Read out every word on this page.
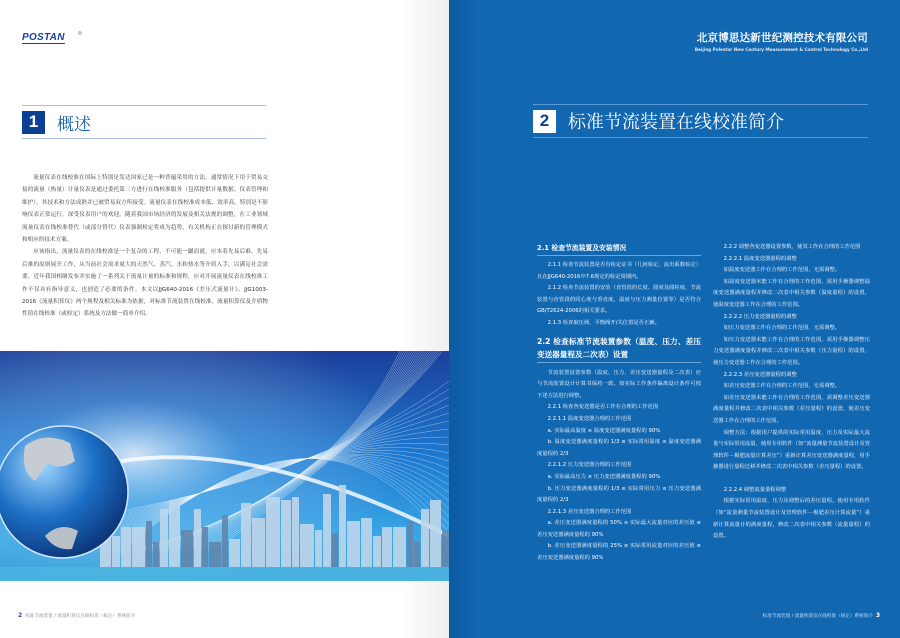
POSTAN	®
1	概述

流量仪表在线校准在国际上特别是发达国家已是一种普遍采用的方法。通常情况下用于贸易交接的流量（热量）计量仪表是通过委托第三方进行在线校准服务（包括提供计量数据、仪表管理和维护），其技术和方法成熟并已被贸易双方所接受。流量仪表在线校准成本低、效率高，特别是不影响仪表正常运行，深受仪表用户的欢迎。随着我国市场经济的发展及相关法规的调整，在工业领域流量仪表在线校准替代（或部分替代）仪表强制检定将成为趋势，有关机构正在探讨新的管理模式和相应的技术方案。

应该指出，流量仪表的在线校准是一个复杂的工程，不可能一蹴而就，应本着先易后难、先易后难的原则展开工作，从当前社会需求量大的天然气、蒸汽、水和热水等介质入手，以满足社会需要。近年我国相继发布并实施了一系列关于流量计量的标准和规程，应对开展流量仪表在线校准工作不仅具有指导意义，也创造了必要的条件。本文以JJG640-2016《差压式流量计》、JJG1003-2016《流量积算仪》两个规程及相关标准为依据，对标准节流装置在线校准、流量积算仪及介质物性值在线校准（或检定）系统及方法做一简单介绍。

2 标准节流装置 / 流量积算仪在线校准（核定）系统简介
北京博思达新世纪测控技术有限公司
Beijing Polestar New Century Measurement & Control Technology Co.,Ltd
2	标准节流装置在线校准简介
2.1 检查节流装置及安装情况

2.1.1 检查节流装置是否有检定证书（几何检定、流出系数检定）且在JJG640-2016中7.6规定的检定周期内。

2.1.2 检查节流装置的安装（直管段的长度、圆度及圆柱度，节流装置与直管段的同心度与垂直度，温度与压力测量位置等）是否符合GB/T2624-2006的相关要求。

2.1.3 检查取压阀、平衡阀开/关位置是否正确。

2.2 检查标准节流装置参数（温度、压力、差压变送器量程及二次表）设置

节流装置设置参数（温度、压力、差压变送器量程及二次表）应与节流装置设计计算书保持一致。如实际工作条件偏离设计条件可按下述方法进行调整。

2.2.1 检查各变送器是否工作在合理的工作范围

2.2.1.1 温度变送器合理的工作范围

a. 实际最高温度 ≤ 温度变送器满度量程的 90%

b. 温度变送器满度量程的 1/3 ≤ 实际常用温度 ≤ 温度变送器满度量程的 2/3

2.2.1.2 压力变送器合理的工作范围

a. 实际最高压力 ≤ 压力变送器满度量程的 90%

b. 压力变送器满度量程的 1/3 ≤ 实际常用压力 ≤ 压力变送器满度量程的 2/3

2.2.1.3 差压变送器合理的工作范围

a. 差压变送器满度量程的 50% ≤ 实际最大流量对应的差压值 ≤ 差压变送器满度量程的 90%

b. 差压变送器满度量程的 25% ≤ 实际常用流量对应的差压值 ≤ 差压变送器满度量程的 90%

2.2.2 调整各变送器设置参数，使其工作在合理的工作范围

2.2.2.1 温度变送器量程的调整

如温度变送器工作在合理的工作范围，无需调整。

如温度变送器未能工作在合理的工作范围，需用手操器调整温度变送器满度量程并修改二次表中相关参数（温度量程）的设置，使温度变送器工作在合理的工作范围。

2.2.2.2 压力变送器量程的调整

如压力变送器工作在合理的工作范围，无需调整。

如压力变送器未能工作在合理的工作范围，需用手操器调整压力变送器满度量程并修改二次表中相关参数（压力量程）的设置，使压力变送器工作在合理的工作范围。

2.2.2.3 差压变送器量程的调整

如差压变送器工作在合理的工作范围，无需调整。

如差压变送器未能工作在合理的工作范围，需调整差压变送器满度量程并修改二次表中相关参数（差压量程）的设置，使差压变送器工作在合理的工作范围。

调整方法：根据用户提供的实际常用温度、压力及实际最大流量与实际常用流量，使用专用软件（如“流量测量节流装置设计及管理软件－极肥流量计算差压”）重新计算差压变送器满度量程，用手操器进行量程迁移并修改二次表中相关参数（差压量程）的设置。

2.2.2.4 调整流量量程调整

根据实际常用温度、压力及调整后的差压量程，使用专用软件（如“流量测量节流装置设计及管理软件－极肥差压计算流量”）重新计算流量计的满度量程，修改二次表中相关参数（流量量程）的设置。

标准节流装置 / 流量积算仪在线校准（核定）系统简介 3
